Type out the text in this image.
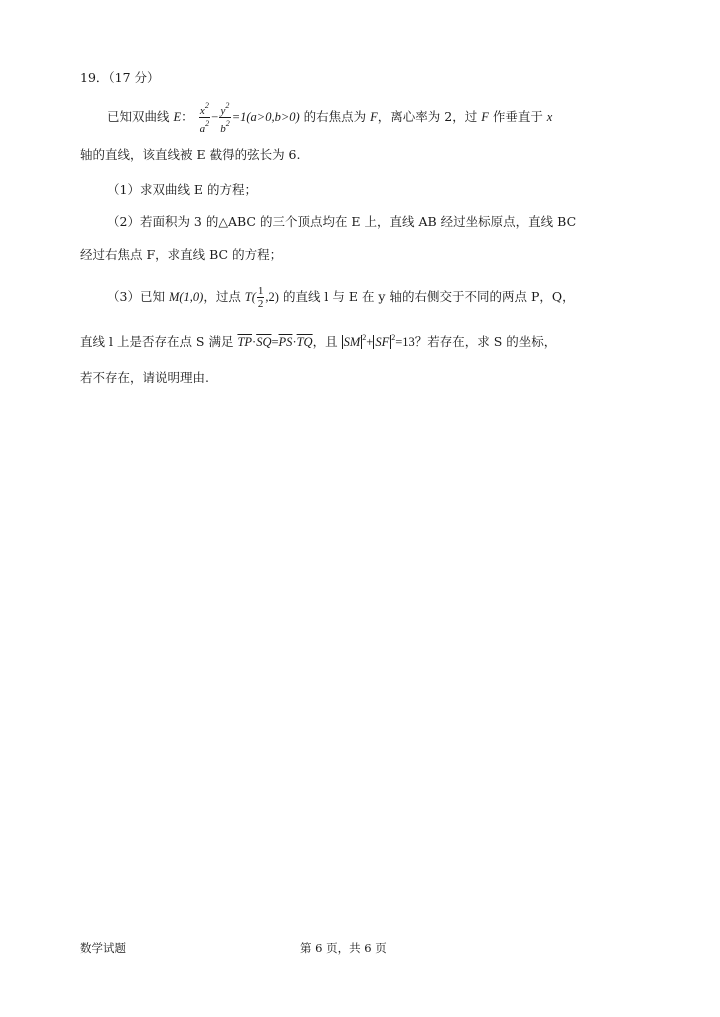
19．（17 分）
已知双曲线 E： $\frac{x^2}{a^2} - \frac{y^2}{b^2} =1(a>0,b>0)$ 的右焦点为 F，离心率为 2，过 F 作垂直于 x
轴的直线，该直线被 E 截得的弦长为 6.
（1）求双曲线 E 的方程；
（2）若面积为 3 的△ABC 的三个顶点均在 E 上，直线 AB 经过坐标原点，直线 BC
经过右焦点 F，求直线 BC 的方程；
（3）已知 M(1,0)，过点 $T( \frac{1}{2} ,2)$ 的直线 l 与 E 在 y 轴的右侧交于不同的两点 P，Q，
直线 l 上是否存在点 S 满足 $\overline{TP}\cdot\overline{SQ}=\overline{PS}\cdot\overline{TQ}$，且 SM $^2$+ SF $^2$=13？若存在，求 S 的坐标，
若不存在，请说明理由.
数学试题	第 6 页，共 6 页
